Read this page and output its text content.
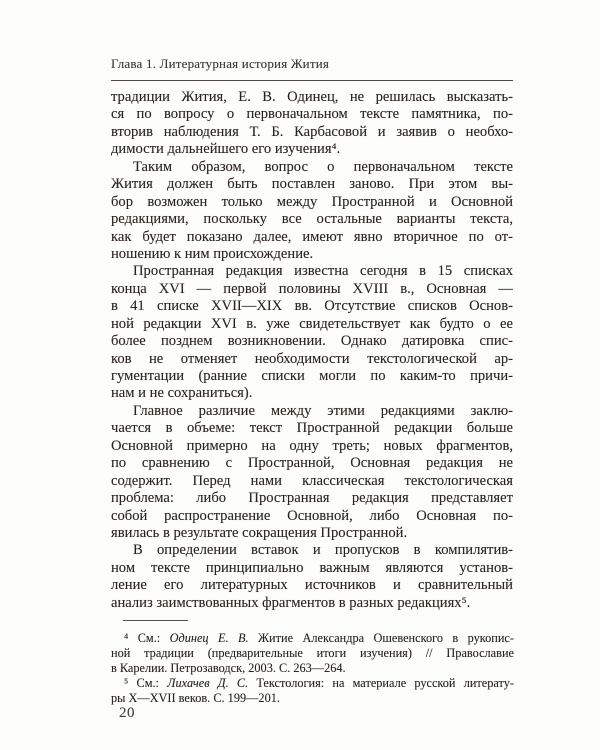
Глава 1. Литературная история Жития
традиции Жития, Е. В. Одинец, не решилась высказать-
ся по вопросу о первоначальном тексте памятника, по-
вторив наблюдения Т. Б. Карбасовой и заявив о необхо-
димости дальнейшего его изучения⁴.
Таким образом, вопрос о первоначальном тексте
Жития должен быть поставлен заново. При этом вы-
бор возможен только между Пространной и Основной
редакциями, поскольку все остальные варианты текста,
как будет показано далее, имеют явно вторичное по от-
ношению к ним происхождение.
Пространная редакция известна сегодня в 15 списках
конца XVI — первой половины XVIII в., Основная —
в 41 списке XVII—XIX вв. Отсутствие списков Основ-
ной редакции XVI в. уже свидетельствует как будто о ее
более позднем возникновении. Однако датировка спис-
ков не отменяет необходимости текстологической ар-
гументации (ранние списки могли по каким-то причи-
нам и не сохраниться).
Главное различие между этими редакциями заклю-
чается в объеме: текст Пространной редакции больше
Основной примерно на одну треть; новых фрагментов,
по сравнению с Пространной, Основная редакция не
содержит. Перед нами классическая текстологическая
проблема: либо Пространная редакция представляет
собой распространение Основной, либо Основная по-
явилась в результате сокращения Пространной.
В определении вставок и пропусков в компилятив-
ном тексте принципиально важным являются установ-
ление его литературных источников и сравнительный
анализ заимствованных фрагментов в разных редакциях⁵.
⁴ См.: Одинец Е. В. Житие Александра Ошевенского в рукопис-
ной традиции (предварительные итоги изучения) // Православие
в Карелии. Петрозаводск, 2003. С. 263—264.
⁵ См.: Лихачев Д. С. Текстология: на материале русской литерату-
ры X—XVII веков. С. 199—201.
20
